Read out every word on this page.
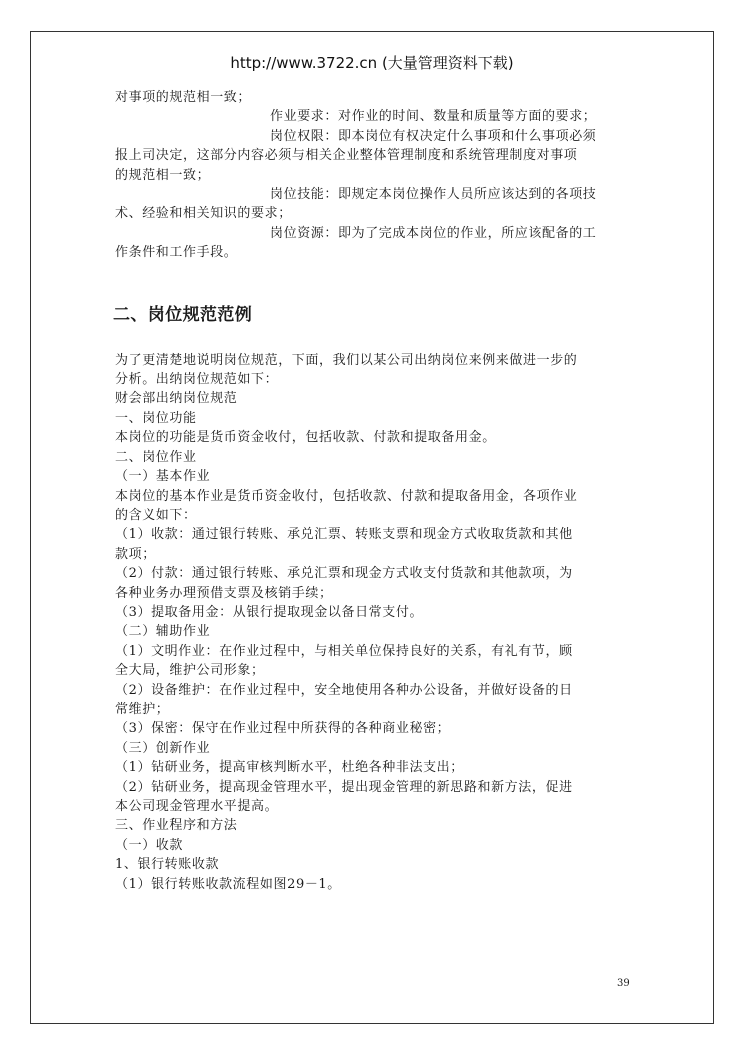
http://www.3722.cn (大量管理资料下载)

对事项的规范相一致；

作业要求：对作业的时间、数量和质量等方面的要求；

岗位权限：即本岗位有权决定什么事项和什么事项必须

报上司决定，这部分内容必须与相关企业整体管理制度和系统管理制度对事项

的规范相一致；

岗位技能：即规定本岗位操作人员所应该达到的各项技

术、经验和相关知识的要求；

岗位资源：即为了完成本岗位的作业，所应该配备的工

作条件和工作手段。

二、岗位规范范例

为了更清楚地说明岗位规范，下面，我们以某公司出纳岗位来例来做进一步的

分析。出纳岗位规范如下：

财会部出纳岗位规范

一、岗位功能

本岗位的功能是货币资金收付，包括收款、付款和提取备用金。

二、岗位作业

（一）基本作业

本岗位的基本作业是货币资金收付，包括收款、付款和提取备用金，各项作业

的含义如下：

（1）收款：通过银行转账、承兑汇票、转账支票和现金方式收取货款和其他

款项；

（2）付款：通过银行转账、承兑汇票和现金方式收支付货款和其他款项，为

各种业务办理预借支票及核销手续；

（3）提取备用金：从银行提取现金以备日常支付。

（二）辅助作业

（1）文明作业：在作业过程中，与相关单位保持良好的关系，有礼有节，顾

全大局，维护公司形象；

（2）设备维护：在作业过程中，安全地使用各种办公设备，并做好设备的日

常维护；

（3）保密：保守在作业过程中所获得的各种商业秘密；

（三）创新作业

（1）钻研业务，提高审核判断水平，杜绝各种非法支出；

（2）钻研业务，提高现金管理水平，提出现金管理的新思路和新方法，促进

本公司现金管理水平提高。

三、作业程序和方法

（一）收款

1、银行转账收款

（1）银行转账收款流程如图29－1。

39
